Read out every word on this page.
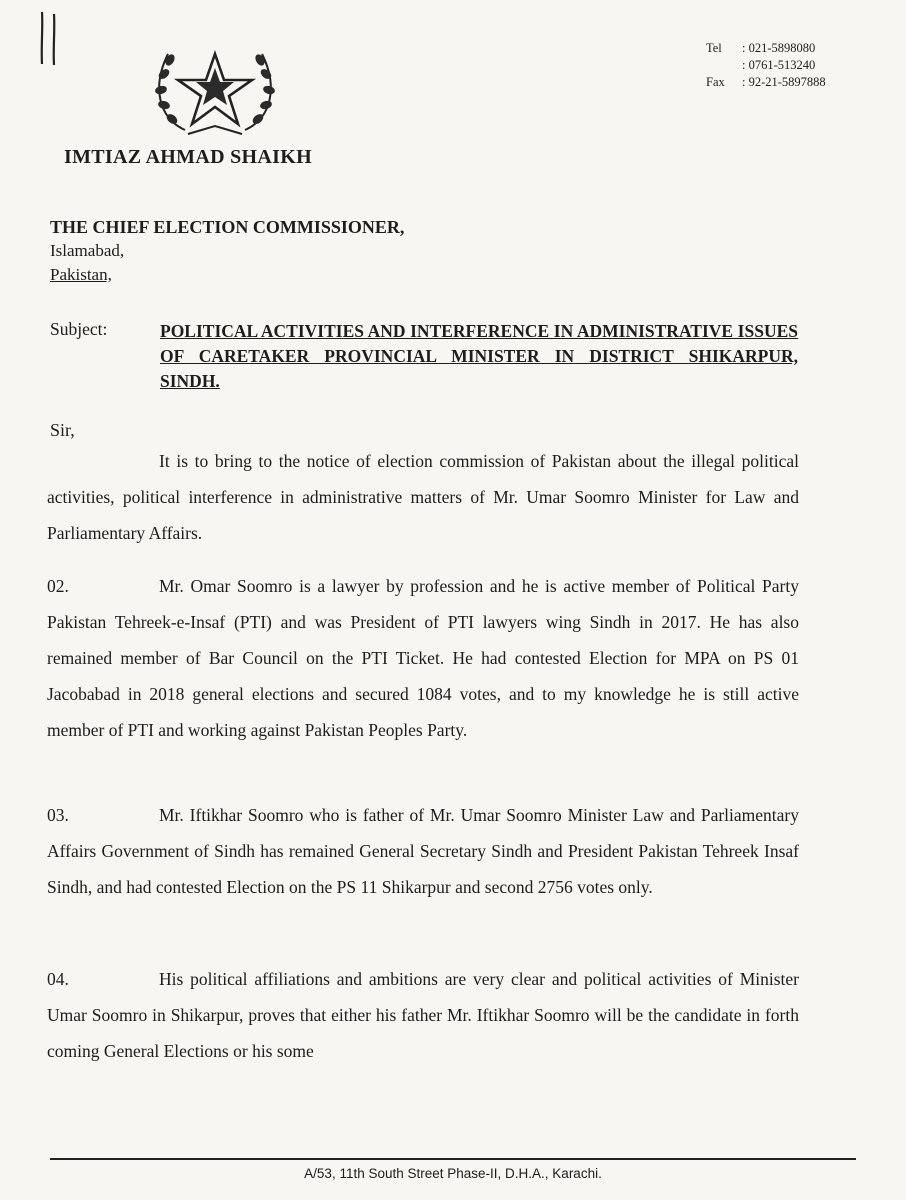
Tel	: 021-5898080
: 0761-513240
Fax	: 92-21-5897888
IMTIAZ AHMAD SHAIKH
THE CHIEF ELECTION COMMISSIONER,
Islamabad,
Pakistan,
Subject:	POLITICAL ACTIVITIES AND INTERFERENCE IN ADMINISTRATIVE ISSUES OF CARETAKER PROVINCIAL MINISTER IN DISTRICT SHIKARPUR, SINDH.
Sir,
It is to bring to the notice of election commission of Pakistan about the illegal political activities, political interference in administrative matters of Mr. Umar Soomro Minister for Law and Parliamentary Affairs.
02.	Mr. Omar Soomro is a lawyer by profession and he is active member of Political Party Pakistan Tehreek-e-Insaf (PTI) and was President of PTI lawyers wing Sindh in 2017. He has also remained member of Bar Council on the PTI Ticket. He had contested Election for MPA on PS 01 Jacobabad in 2018 general elections and secured 1084 votes, and to my knowledge he is still active member of PTI and working against Pakistan Peoples Party.
03.	Mr. Iftikhar Soomro who is father of Mr. Umar Soomro Minister Law and Parliamentary Affairs Government of Sindh has remained General Secretary Sindh and President Pakistan Tehreek Insaf Sindh, and had contested Election on the PS 11 Shikarpur and second 2756 votes only.
04.	His political affiliations and ambitions are very clear and political activities of Minister Umar Soomro in Shikarpur, proves that either his father Mr. Iftikhar Soomro will be the candidate in forth coming General Elections or his some
A/53, 11th South Street Phase-II, D.H.A., Karachi.
